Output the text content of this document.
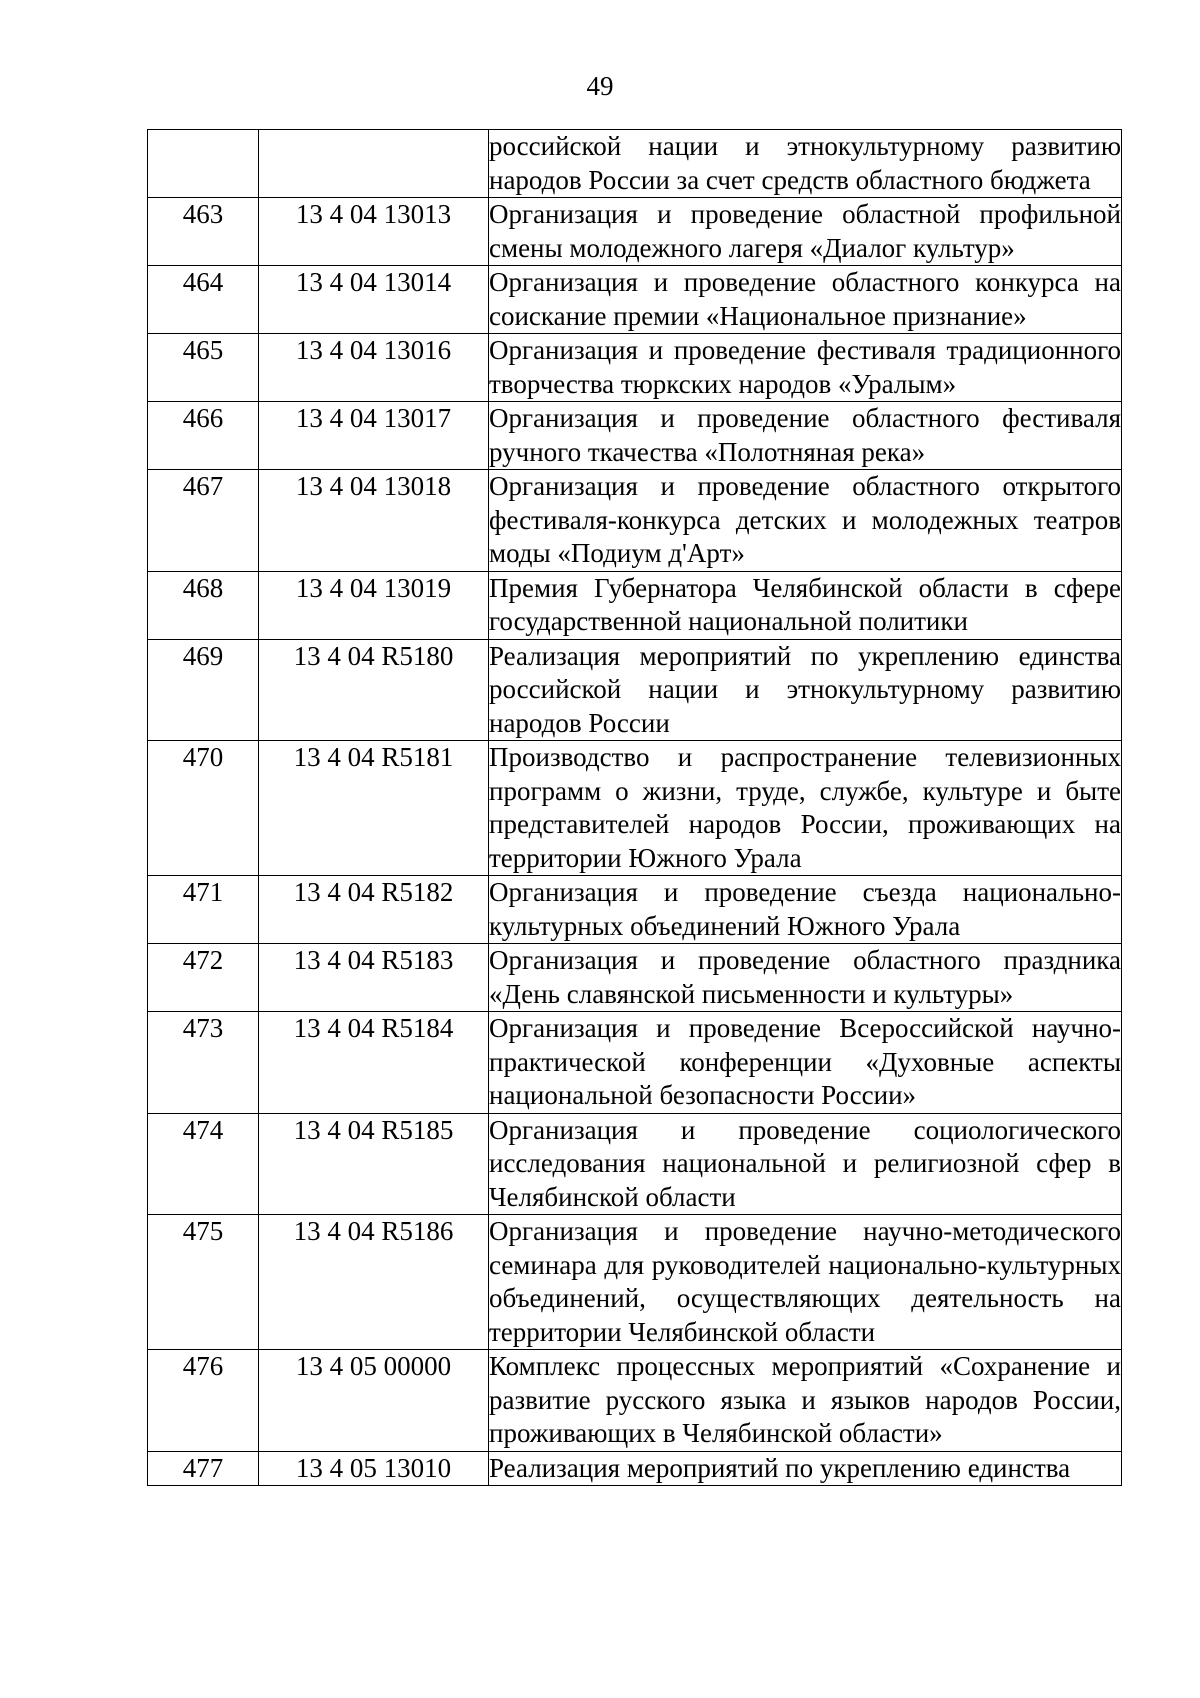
49
		российской нации и этнокультурному развитию народов России за счет средств областного бюджета
463	13 4 04 13013	Организация и проведение областной профильной смены молодежного лагеря «Диалог культур»
464	13 4 04 13014	Организация и проведение областного конкурса на соискание премии «Национальное признание»
465	13 4 04 13016	Организация и проведение фестиваля традиционного творчества тюркских народов «Уралым»
466	13 4 04 13017	Организация и проведение областного фестиваля ручного ткачества «Полотняная река»
467	13 4 04 13018	Организация и проведение областного открытого фестиваля-конкурса детских и молодежных театров моды «Подиум д'Арт»
468	13 4 04 13019	Премия Губернатора Челябинской области в сфере государственной национальной политики
469	13 4 04 R5180	Реализация мероприятий по укреплению единства российской нации и этнокультурному развитию народов России
470	13 4 04 R5181	Производство и распространение телевизионных программ о жизни, труде, службе, культуре и быте представителей народов России, проживающих на территории Южного Урала
471	13 4 04 R5182	Организация и проведение съезда национально-культурных объединений Южного Урала
472	13 4 04 R5183	Организация и проведение областного праздника «День славянской письменности и культуры»
473	13 4 04 R5184	Организация и проведение Всероссийской научно-практической конференции «Духовные аспекты национальной безопасности России»
474	13 4 04 R5185	Организация и проведение социологического исследования национальной и религиозной сфер в Челябинской области
475	13 4 04 R5186	Организация и проведение научно-методического семинара для руководителей национально-культурных объединений, осуществляющих деятельность на территории Челябинской области
476	13 4 05 00000	Комплекс процессных мероприятий «Сохранение и развитие русского языка и языков народов России, проживающих в Челябинской области»
477	13 4 05 13010	Реализация мероприятий по укреплению единства
